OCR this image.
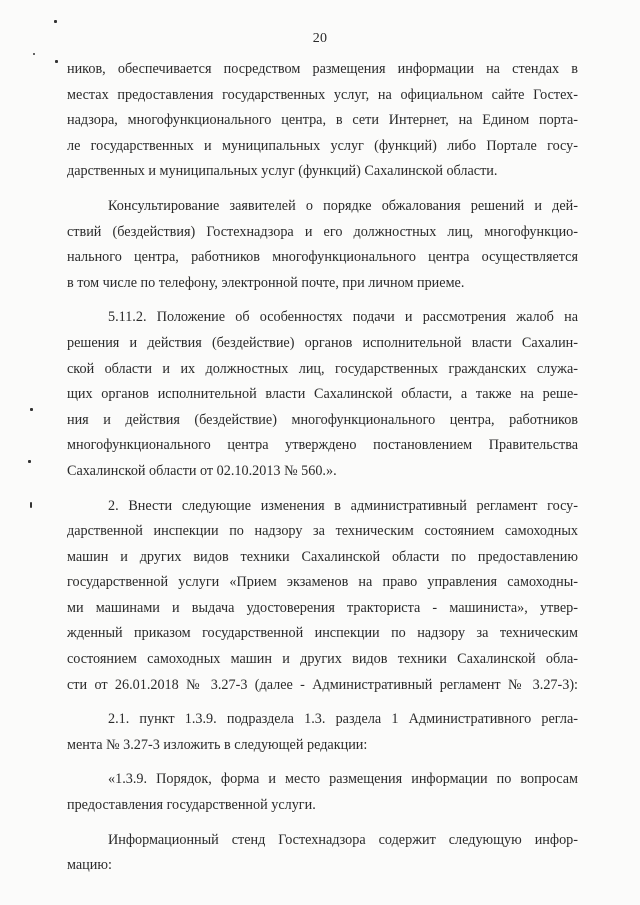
20
ников, обеспечивается посредством размещения информации на стендах в
местах предоставления государственных услуг, на официальном сайте Гостех-
надзора, многофункционального центра, в сети Интернет, на Едином порта-
ле государственных и муниципальных услуг (функций) либо Портале госу-
дарственных и муниципальных услуг (функций) Сахалинской области.
Консультирование заявителей о порядке обжалования решений и дей-
ствий (бездействия) Гостехнадзора и его должностных лиц, многофункцио-
нального центра, работников многофункционального центра осуществляется
в том числе по телефону, электронной почте, при личном приеме.
5.11.2. Положение об особенностях подачи и рассмотрения жалоб на
решения и действия (бездействие) органов исполнительной власти Сахалин-
ской области и их должностных лиц, государственных гражданских служа-
щих органов исполнительной власти Сахалинской области, а также на реше-
ния и действия (бездействие) многофункционального центра, работников
многофункционального центра утверждено постановлением Правительства
Сахалинской области от 02.10.2013 № 560.».
2. Внести следующие изменения в административный регламент госу-
дарственной инспекции по надзору за техническим состоянием самоходных
машин и других видов техники Сахалинской области по предоставлению
государственной услуги «Прием экзаменов на право управления самоходны-
ми машинами и выдача удостоверения тракториста - машиниста», утвер-
жденный приказом государственной инспекции по надзору за техническим
состоянием самоходных машин и других видов техники Сахалинской обла-
сти от 26.01.2018 № 3.27-3 (далее - Административный регламент № 3.27-3):
2.1. пункт 1.3.9. подраздела 1.3. раздела 1 Административного регла-
мента № 3.27-3 изложить в следующей редакции:
«1.3.9. Порядок, форма и место размещения информации по вопросам
предоставления государственной услуги.
Информационный стенд Гостехнадзора содержит следующую инфор-
мацию:
